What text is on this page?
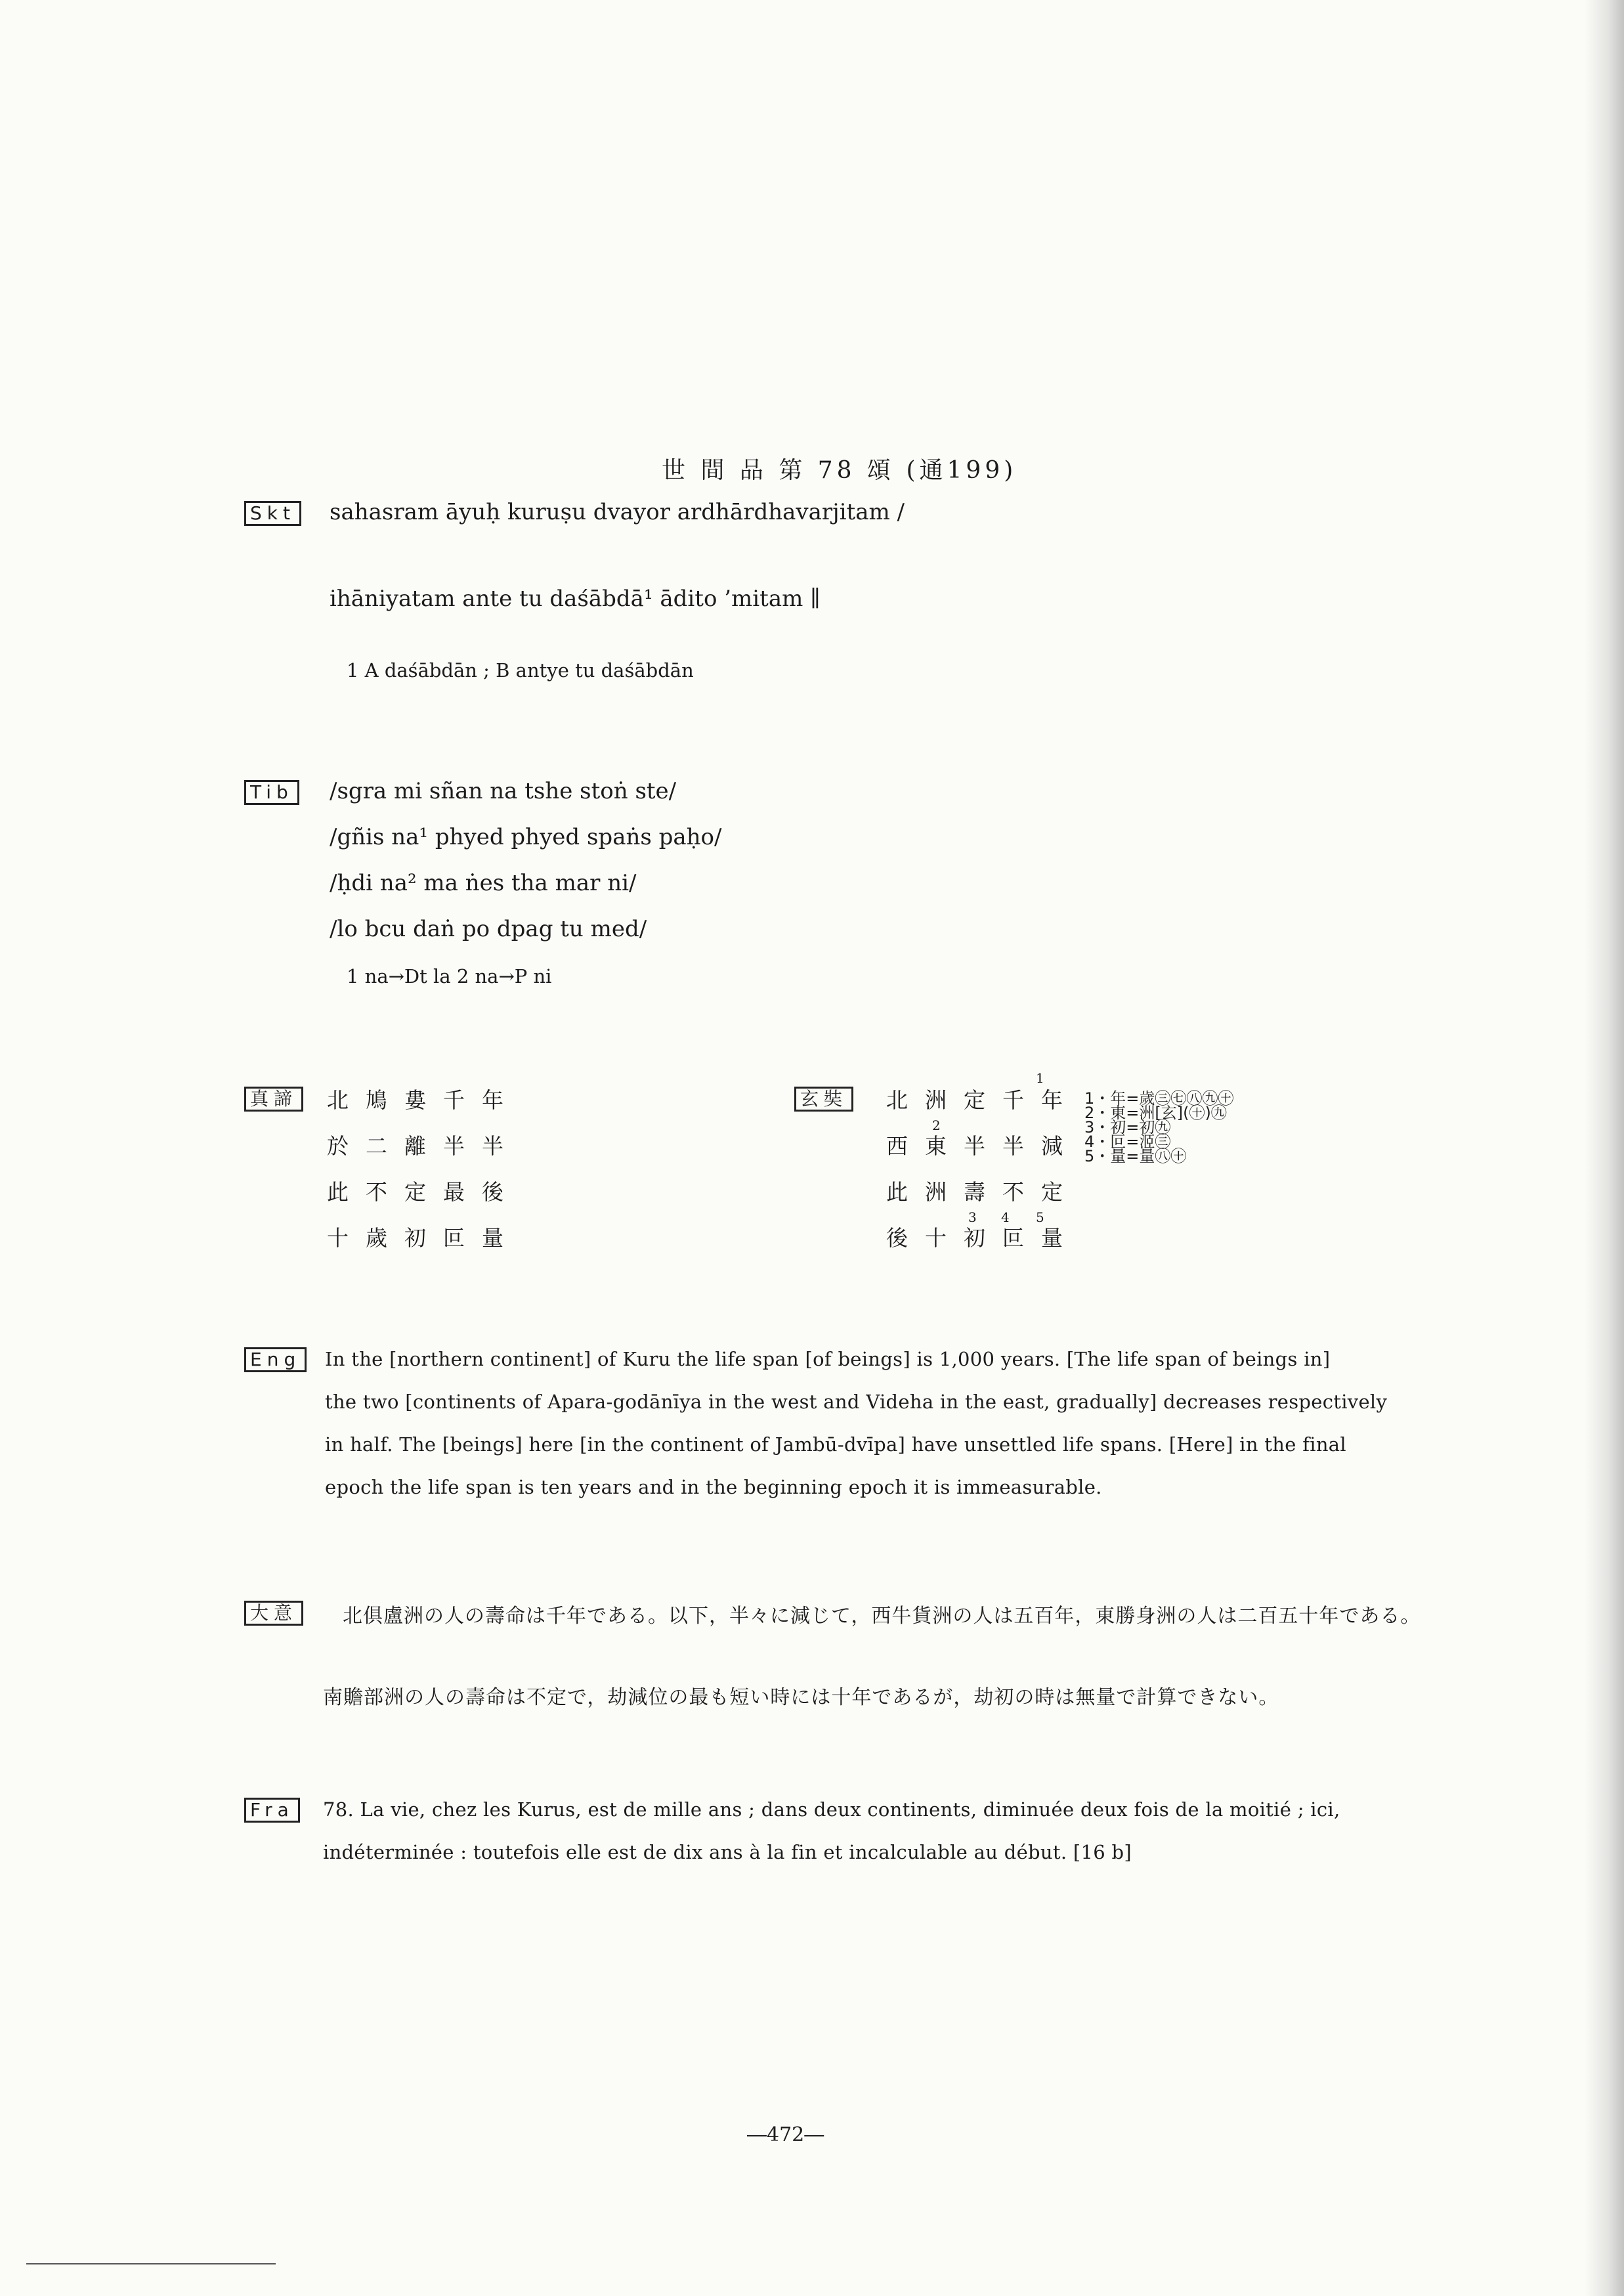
世 間 品 第 78 頌 (通199)
Skt sahasram āyuḥ kuruṣu dvayor ardhārdhavarjitam /
ihāniyatam ante tu daśābdā¹ ādito ’mitam ∥
1 A daśābdān ; B antye tu daśābdān
Tib /sgra mi sñan na tshe stoṅ ste/
/gñis na¹ phyed phyed spaṅs paḥo/
/ḥdi na² ma ṅes tha mar ni/
/lo bcu daṅ po dpag tu med/
1 na→Dt la 2 na→P ni
真諦 北鳩婁千年
於二離半半
此不定最後
十歲初叵量
玄奘 北洲定千年
西東半半減
此洲壽不定
後十初叵量
1
2
3 4 5
1・年=歲㊂㊆㊇㊈㊉
2・東=洲[玄](㊉)㊈
3・初=初㊈
4・叵=洍㊂
5・量=量㊇㊉
Eng	In the [northern continent] of Kuru the life span [of beings] is 1,000 years. [The life span of beings in]
the two [continents of Apara-godānīya in the west and Videha in the east, gradually] decreases respectively
in half. The [beings] here [in the continent of Jambū-dvīpa] have unsettled life spans. [Here] in the final
epoch the life span is ten years and in the beginning epoch it is immeasurable.
大意	北俱盧洲の人の壽命は千年である。以下，半々に減じて，西牛貨洲の人は五百年，東勝身洲の人は二百五十年である。
南贍部洲の人の壽命は不定で，劫減位の最も短い時には十年であるが，劫初の時は無量で計算できない。
Fra	78. La vie, chez les Kurus, est de mille ans ; dans deux continents, diminuée deux fois de la moitié ; ici,
indéterminée : toutefois elle est de dix ans à la fin et incalculable au début. [16 b]
―472―
